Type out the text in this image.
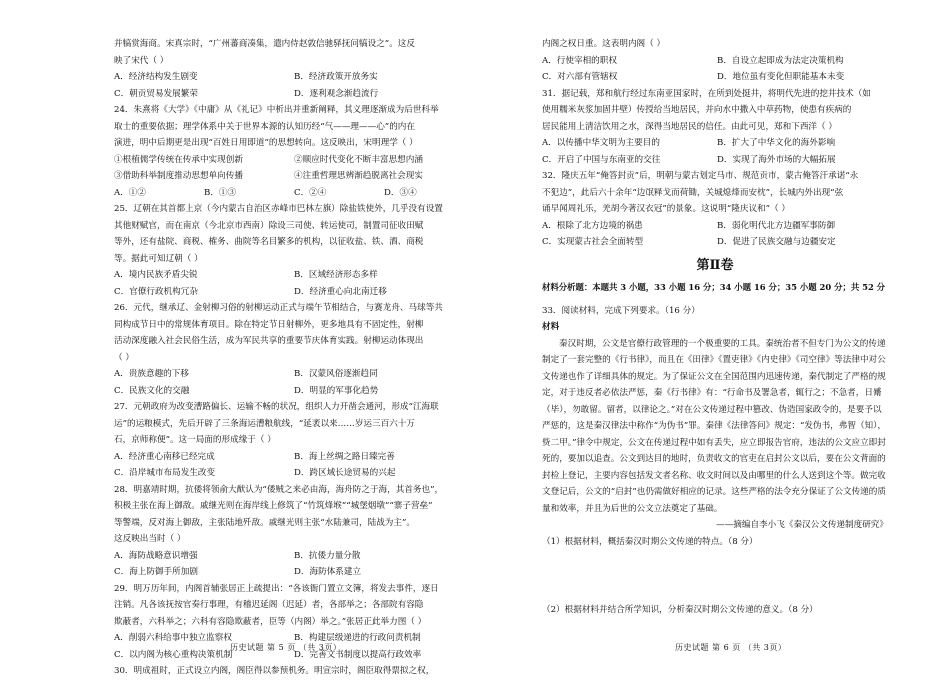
并犒赏海商。宋真宗时，“广州蕃商凑集，遣内侍赵敦信驰驿抚问犒设之”。这反

映了宋代（ ）

A．经济结构发生剧变	B．经济政策开放务实
C．朝贡贸易发展繁荣	D．逐利观念渐趋流行

24．朱熹将《大学》《中庸》从《礼记》中析出并重新阐释，其义理逐渐成为后世科举

取士的重要依据；理学体系中关于世界本源的认知历经“气——理——心”的内在

演进，明中后期更是出现“百姓日用即道”的思想转向。这反映出，宋明理学（ ）

①根植儒学传统在传承中实现创新	②顺应时代变化不断丰富思想内涵
③借助科举制度推动思想单向传播	④注重哲理思辨渐趋脱离社会现实
A．①②	B．①③	C．②④	D．③④

25．辽朝在其首都上京（今内蒙古自治区赤峰市巴林左旗）除盐铁使外，几乎没有设置

其他财赋官，而在南京（今北京市西南）除设三司使、转运使司，制置司征收田赋

等外，还有盐院、商税、榷务、曲院等名目繁多的机构，以征收盐、铁、酒、商税

等。据此可知辽朝（ ）

A．境内民族矛盾尖锐	B．区域经济形态多样
C．官僚行政机构冗杂	D．经济重心向北南迁移

26．元代，继承辽、金射柳习俗的射柳运动正式与端午节相结合，与赛龙舟、马球等共

同构成节日中的常规体育项目。除在特定节日射柳外，更多地具有不固定性，射柳

活动深度融入社会民俗生活，成为军民共享的重要节庆体育实践。射柳运动体现出

（ ）

A．贵族意趣的下移	B．汉蒙风俗逐渐趋同
C．民族文化的交融	D．明显的军事化趋势

27．元朝政府为改变漕路偏长、运输不畅的状况，组织人力开凿会通河，形成“江海联

运”的运粮模式，先后开辟了三条海运漕粮航线，“延袤以来……岁运三百六十万

石，京师称便”。这一局面的形成缘于（ ）

A．经济重心南移已经完成	B．海上丝绸之路日臻完善
C．沿岸城市布局发生改变	D．跨区域长途贸易的兴起

28．明嘉靖时期，抗倭将领俞大猷认为“倭贼之来必由海，海舟防之于海，其首务也”，

积极主张在海上御敌。戚继光则在海岸线上修筑了“竹筑烽堠”“城堡烟墩”“寨子营垒”

等警端，反对海上御敌，主张陆地歼敌。戚继光则主张“水陆兼司，陆战为主”。

这反映出当时（ ）

A．海防战略意识增强	B．抗倭力量分散
C．海上防御手所加剧	D．海防体系建立

29．明万历年间，内阁首辅张居正上疏提出：“各该衙门置立文簿，将发去事件，逐日

注销。凡各该抚按官奏行事理，有稽迟延阁（迟延）者，各部举之；各部院有容隐

欺蔽者，六科举之；六科有容隐欺蔽者，臣等（内阁）举之。”张居正此举力图（ ）

A．削弱六科给事中独立监察权	B．构建层级递进的行政问责机制
C．以内阁为核心重构决策机制	D．完善文书制度以提高行政效率

30．明成祖时，正式设立内阁，阁臣得以参预机务。明宣宗时，阁臣取得票拟之权，

内阁之权日重。这表明内阁（ ）

A．行使宰相的职权	B．自设立起即成为法定决策机构
C．对六部有管辖权	D．地位虽有变化但职能基本未变

31．据记载，郑和航行经过东南亚国家时，在所到处挺井，将明代先进的挖井技术（如

使用糯米灰浆加固井壁）传授给当地居民，并向水中撒入中草药物，使患有疾病的

居民能用上清洁饮用之水，深得当地居民的信任。由此可见，郑和下西洋（ ）

A．以传播中华文明为主要目的	B．扩大了中华文化的海外影响
C．开启了中国与东南亚的交往	D．实现了海外市场的大幅拓展

32．隆庆五年“俺答封贡”后，明朝与蒙古划定马市、规范贡市，蒙古俺答汗承诺“永

不犯边”，此后六十余年“边氓释戈而荷锄，关城熄烽而安枕”，长城内外出现“弦

诵早闻周礼乐，羌胡今著汉衣冠”的景象。这说明“隆庆议和”（ ）

A．根除了北方边境的祸患	B．弱化明代北方边疆军事防御
C．实现蒙古社会全面转型	D．促进了民族交融与边疆安定
第Ⅱ卷
材料分析题：本题共 3 小题，33 小题 16 分；34 小题 16 分；35 小题 20 分；共 52 分

33．阅读材料，完成下列要求。（16 分）

材料

秦汉时期，公文是官僚行政管理的一个极重要的工具。秦统治者不但专门为公文的传递制定了一套完整的《行书律》，而且在《田律》《置吏律》《内史律》《司空律》等法律中对公文传递也作了详细具体的规定。为了保证公文在全国范围内迅速传递，秦代制定了严格的规定，对于违反者必依法严惩，秦《行书律》有：“行命书及署急者，辄行之；不急者，日觱（毕），勿敢留。留者，以律论之。”对在公文传递过程中篡改、伪造国家政令的，是要予以严惩的，这是秦汉律法中称作“为伪书”罪。秦律《法律答问》规定：“发伪书，弗智（知），赀二甲。”律令中规定，公文在传递过程中如有丢失，应立即报告官府，违法的公文应立即封死的，要加以追查。公文到达目的地时，负责收文的官吏在启封公文以后，要在公文背面的封检上登记，主要内容包括发文者名称、收文时间以及由哪里的什么人送到这个等。做完收文登记后，公文的“启封”也仍需做好相应的记录。这些严格的法令充分保证了公文传递的质量和效率，并且为后世的公文立法奠定了基础。

——摘编自李小飞《秦汉公文传递制度研究》

（1）根据材料，概括秦汉时期公文传递的特点。（8 分）

（2）根据材料并结合所学知识，分析秦汉时期公文传递的意义。（8 分）

历史试题 第 5 页 （共 3页）	历史试题 第 6 页 （共 3页）
